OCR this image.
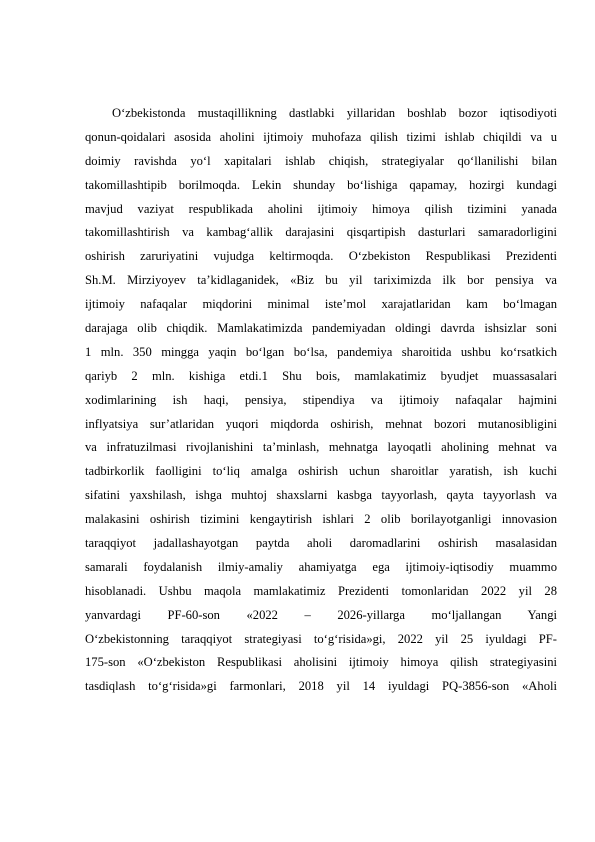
O‘zbekistonda mustaqillikning dastlabki yillaridan boshlab bozor iqtisodiyoti
qonun-qoidalari asosida aholini ijtimoiy muhofaza qilish tizimi ishlab chiqildi va u
doimiy ravishda yo‘l xapitalari ishlab chiqish, strategiyalar qo‘llanilishi bilan
takomillashtipib borilmoqda. Lekin shunday bo‘lishiga qapamay, hozirgi kundagi
mavjud vaziyat respublikada aholini ijtimoiy himoya qilish tizimini yanada
takomillashtirish va kambag‘allik darajasini qisqartipish dasturlari samaradorligini
oshirish zaruriyatini vujudga keltirmoqda. O‘zbekiston Respublikasi Prezidenti
Sh.M. Mirziyoyev ta’kidlaganidek, «Biz bu yil tariximizda ilk bor pensiya va
ijtimoiy nafaqalar miqdorini minimal iste’mol xarajatlaridan kam bo‘lmagan
darajaga olib chiqdik. Mamlakatimizda pandemiyadan oldingi davrda ishsizlar soni
1 mln. 350 mingga yaqin bo‘lgan bo‘lsa, pandemiya sharoitida ushbu ko‘rsatkich
qariyb 2 mln. kishiga etdi.1 Shu bois, mamlakatimiz byudjet muassasalari
xodimlarining ish haqi, pensiya, stipendiya va ijtimoiy nafaqalar hajmini
inflyatsiya sur’atlaridan yuqori miqdorda oshirish, mehnat bozori mutanosibligini
va infratuzilmasi rivojlanishini ta’minlash, mehnatga layoqatli aholining mehnat va
tadbirkorlik faolligini to‘liq amalga oshirish uchun sharoitlar yaratish, ish kuchi
sifatini yaxshilash, ishga muhtoj shaxslarni kasbga tayyorlash, qayta tayyorlash va
malakasini oshirish tizimini kengaytirish ishlari 2 olib borilayotganligi innovasion
taraqqiyot jadallashayotgan paytda aholi daromadlarini oshirish masalasidan
samarali foydalanish ilmiy-amaliy ahamiyatga ega ijtimoiy-iqtisodiy muammo
hisoblanadi. Ushbu maqola mamlakatimiz Prezidenti tomonlaridan 2022 yil 28
yanvardagi PF-60-son «2022 – 2026-yillarga mo‘ljallangan Yangi
O‘zbekistonning taraqqiyot strategiyasi to‘g‘risida»gi, 2022 yil 25 iyuldagi PF-
175-son «O‘zbekiston Respublikasi aholisini ijtimoiy himoya qilish strategiyasini
tasdiqlash to‘g‘risida»gi farmonlari, 2018 yil 14 iyuldagi PQ-3856-son «Aholi
